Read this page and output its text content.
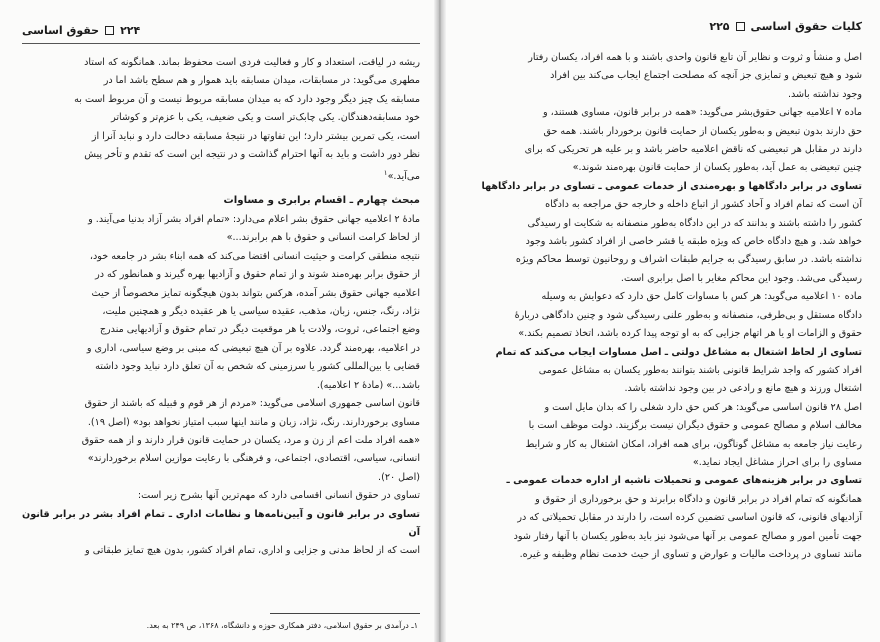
۲۲۴
حقوق اساسی

ریشه در لیاقت، استعداد و کار و فعالیت فردی است محفوظ بماند. همانگونه که استاد

مطهری می‌گوید: در مسابقات، میدان مسابقه باید هموار و هم سطح باشد اما در

مسابقه یک چیز دیگر وجود دارد که به میدان مسابقه مربوط نیست و آن مربوط است به

خود مسابقه‌دهندگان. یکی چابک‌تر است و یکی ضعیف، یکی با عزم‌تر و کوشاتر

است، یکی تمرین بیشتر دارد؛ این تفاوتها در نتیجهٔ مسابقه دخالت دارد و نباید آنرا از

نظر دور داشت و باید به آنها احترام گذاشت و در نتیجه این است که تقدم و تأخر پیش

می‌آید.»$^۱$

مبحث چهارم ـ اقسام برابری و مساوات

مادهٔ ۲ اعلامیه جهانی حقوق بشر اعلام می‌دارد: «تمام افراد بشر آزاد بدنیا می‌آیند. و

از لحاظ کرامت انسانی و حقوق با هم برابرند...»

نتیجه منطقی کرامت و حیثیت انسانی اقتضا می‌کند که همه ابناء بشر در جامعه خود،

از حقوق برابر بهره‌مند شوند و از تمام حقوق و آزادیها بهره گیرند و همانطور که در

اعلامیه جهانی حقوق بشر آمده، هرکس بتواند بدون هیچگونه تمایز مخصوصاً از حیث

نژاد، رنگ، جنس، زبان، مذهب، عقیده سیاسی یا هر عقیده دیگر و همچنین ملیت،

وضع اجتماعی، ثروت، ولادت یا هر موقعیت دیگر در تمام حقوق و آزادیهایی مندرج

در اعلامیه، بهره‌مند گردد. علاوه بر آن هیچ تبعیضی که مبنی بر وضع سیاسی، اداری و

قضایی یا بین‌المللی کشور یا سرزمینی که شخص به آن تعلق دارد نباید وجود داشته

باشد...» (مادهٔ ۲ اعلامیه).

قانون اساسی جمهوری اسلامی می‌گوید: «مردم از هر قوم و قبیله که باشند از حقوق

مساوی برخوردارند. رنگ، نژاد، زبان و مانند اینها سبب امتیاز نخواهد بود» (اصل ۱۹).

«همه افراد ملت اعم از زن و مرد، یکسان در حمایت قانون قرار دارند و از همه حقوق

انسانی، سیاسی، اقتصادی، اجتماعی، و فرهنگی با رعایت موازین اسلام برخوردارند»

(اصل ۲۰).

تساوی در حقوق انسانی اقسامی دارد که مهم‌ترین آنها بشرح زیر است:

تساوی در برابر قانون و آیین‌نامه‌ها و نظامات اداری ـ تمام افراد بشر در برابر قانون آن

است که از لحاظ مدنی و جزایی و اداری، تمام افراد کشور، بدون هیچ تمایز طبقاتی و

۱ـ درآمدی بر حقوق اسلامی، دفتر همکاری حوزه و دانشگاه، ۱۳۶۸، ص ۲۴۹ به بعد.
کلیات حقوق اساسی
۲۲۵

اصل و منشأ و ثروت و نظایر آن تابع قانون واحدی باشند و با همه افراد، یکسان رفتار

شود و هیچ تبعیض و تمایزی جز آنچه که مصلحت اجتماع ایجاب می‌کند بین افراد

وجود نداشته باشد.

ماده ۷ اعلامیه جهانی حقوق‌بشر می‌گوید: «همه در برابر قانون، مساوی هستند، و

حق دارند بدون تبعیض و به‌طور یکسان از حمایت قانون برخوردار باشند. همه حق

دارند در مقابل هر تبعیضی که ناقض اعلامیه حاضر باشد و بر علیه هر تحریکی که برای

چنین تبعیضی به عمل آید، به‌طور یکسان از حمایت قانون بهره‌مند شوند.»

تساوی در برابر دادگاهها و بهره‌مندی از خدمات عمومی ـ تساوی در برابر دادگاهها

آن است که تمام افراد و آحاد کشور از اتباع داخله و خارجه حق مراجعه به دادگاه

کشور را داشته باشند و بدانند که در این دادگاه به‌طور منصفانه به شکایت او رسیدگی

خواهد شد. و هیچ دادگاه خاص که ویژه طبقه یا قشر خاصی از افراد کشور باشد وجود

نداشته باشد. در سابق رسیدگی به جرایم طبقات اشراف و روحانیون توسط محاکم ویژه

رسیدگی می‌شد. وجود این محاکم مغایر با اصل برابری است.

ماده ۱۰ اعلامیه می‌گوید: هر کس با مساوات کامل حق دارد که دعوایش به وسیله

دادگاه مستقل و بی‌طرفی، منصفانه و به‌طور علنی رسیدگی شود و چنین دادگاهی دربارهٔ

حقوق و الزامات او یا هر اتهام جزایی که به او توجه پیدا کرده باشد، اتخاذ تصمیم بکند.»

تساوی از لحاظ اشتغال به مشاغل دولتی ـ اصل مساوات ایجاب می‌کند که تمام

افراد کشور که واجد شرایط قانونی باشند بتوانند به‌طور یکسان به مشاغل عمومی

اشتغال ورزند و هیچ مانع و رادعی در بین وجود نداشته باشد.

اصل ۲۸ قانون اساسی می‌گوید: هر کس حق دارد شغلی را که بدان مایل است و

مخالف اسلام و مصالح عمومی و حقوق دیگران نیست برگزیند. دولت موظف است با

رعایت نیاز جامعه به مشاغل گوناگون، برای همه افراد، امکان اشتغال به کار و شرایط

مساوی را برای احراز مشاغل ایجاد نماید.»

تساوی در برابر هزینه‌های عمومی و تحمیلات ناشیه از اداره خدمات عمومی ـ

همانگونه که تمام افراد در برابر قانون و دادگاه برابرند و حق برخورداری از حقوق و

آزادیهای قانونی، که قانون اساسی تضمین کرده است، را دارند در مقابل تحمیلاتی که در

جهت تأمین امور و مصالح عمومی بر آنها می‌شود نیز باید به‌طور یکسان با آنها رفتار شود

مانند تساوی در پرداخت مالیات و عوارض و تساوی از حیث خدمت نظام وظیفه و غیره.
